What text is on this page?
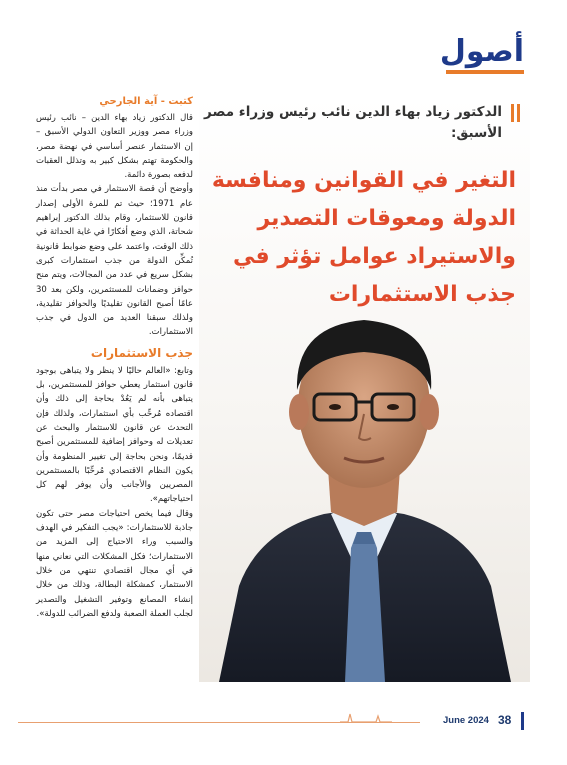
أصول
كتبت - آية الجارحي

قال الدكتور زياد بهاء الدين – نائب رئيس وزراء مصر ووزير التعاون الدولي الأسبق – إن الاستثمار عنصر أساسي في نهضة مصر، والحكومة تهتم بشكل كبير به وتذلل العقبات لدفعه بصورة دائمة.

وأوضح أن قصة الاستثمار في مصر بدأت منذ عام 1971؛ حيث تم للمرة الأولى إصدار قانون للاستثمار، وقام بذلك الدكتور إبراهيم شحاتة، الذي وضع أفكارًا في غاية الحداثة في ذلك الوقت، واعتمد على وضع ضوابط قانونية تُمكِّن الدولة من جذب استثمارات كبرى بشكل سريع في عدد من المجالات، ويتم منح حوافز وضمانات للمستثمرين، ولكن بعد 30 عامًا أصبح القانون تقليديًا والحوافز تقليدية، ولذلك سبقنا العديد من الدول في جذب الاستثمارات.

جذب الاستثمارات

وتابع: «العالم حاليًا لا ينظر ولا يتباهى بوجود قانون استثمار يعطي حوافز للمستثمرين، بل يتباهى بأنه لم يَعُدْ بحاجة إلى ذلك وأن اقتصاده مُرحِّب بأي استثمارات، ولذلك فإن التحدث عن قانون للاستثمار والبحث عن تعديلات له وحوافز إضافية للمستثمرين أصبح قديمًا، ونحن بحاجة إلى تغيير المنظومة وأن يكون النظام الاقتصادي مُرحِّبًا بالمستثمرين المصريين والأجانب وأن يوفر لهم كل احتياجاتهم».

وقال فيما يخص احتياجات مصر حتى تكون جاذبة للاستثمارات: «يجب التفكير في الهدف والسبب وراء الاحتياج إلى المزيد من الاستثمارات؛ فكل المشكلات التي نعاني منها في أي مجال اقتصادي تنتهي من خلال الاستثمار، كمشكلة البطالة، وذلك من خلال إنشاء المصانع وتوفير التشغيل والتصدير لجلب العملة الصعبة ولدفع الضرائب للدولة».

الدكتور زياد بهاء الدين نائب رئيس وزراء مصر الأسبق:
التغير في القوانين ومنافسة الدولة ومعوقات التصدير والاستيراد عوامل تؤثر في جذب الاستثمارات
June 2024 38
